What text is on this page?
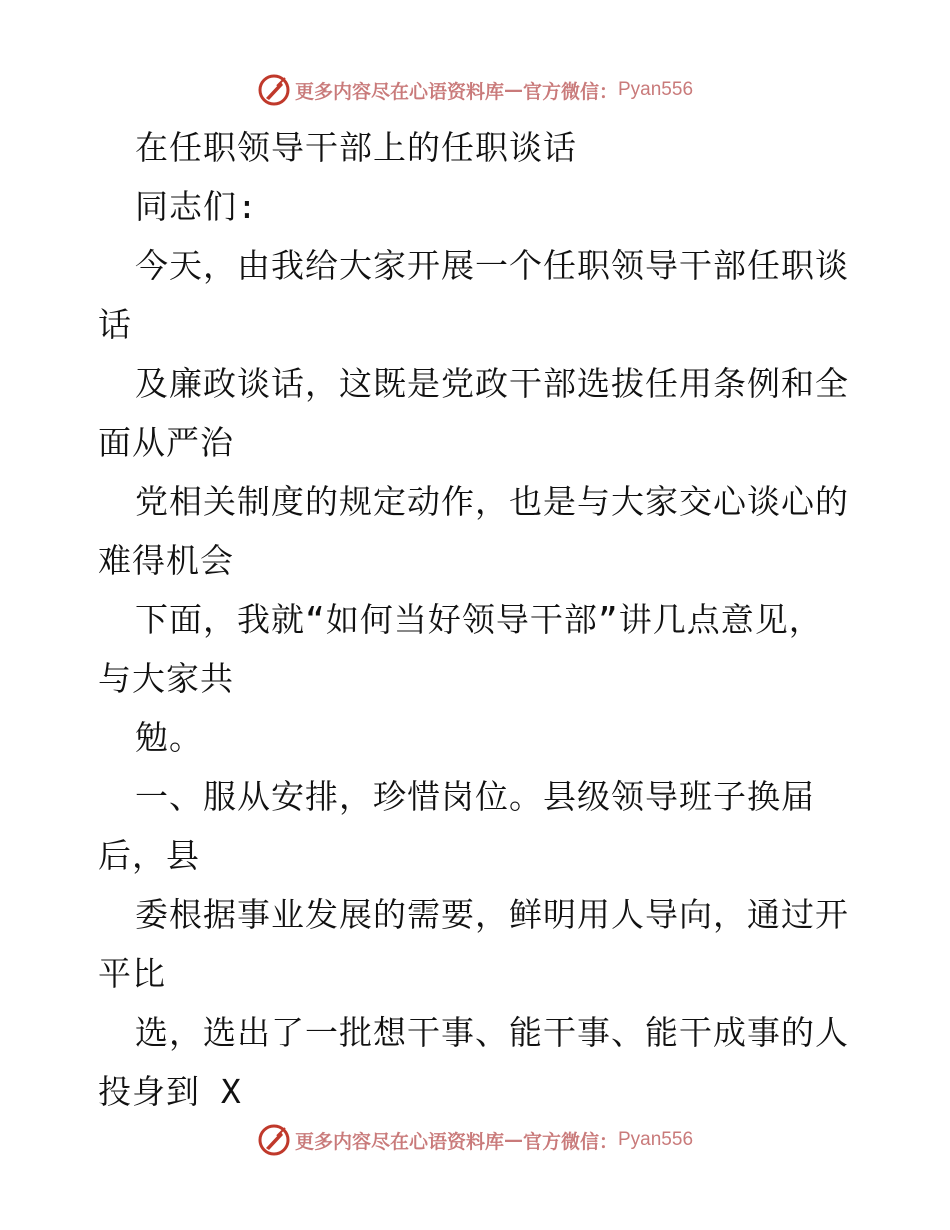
更多内容尽在心语资料库 — 官方微信： Pyan556
在任职领导干部上的任职谈话
同志们:
今天，由我给大家开展一个任职领导干部任职谈
话
及廉政谈话，这既是党政干部选拔任用条例和全
面从严治
党相关制度的规定动作，也是与大家交心谈心的
难得机会
下面，我就“如何当好领导干部”讲几点意见，
与大家共
勉。
一、服从安排，珍惜岗位。县级领导班子换届
后，县
委根据事业发展的需要，鲜明用人导向，通过开
平比
选，选出了一批想干事、能干事、能干成事的人
投身到 X
更多内容尽在心语资料库 — 官方微信： Pyan556
